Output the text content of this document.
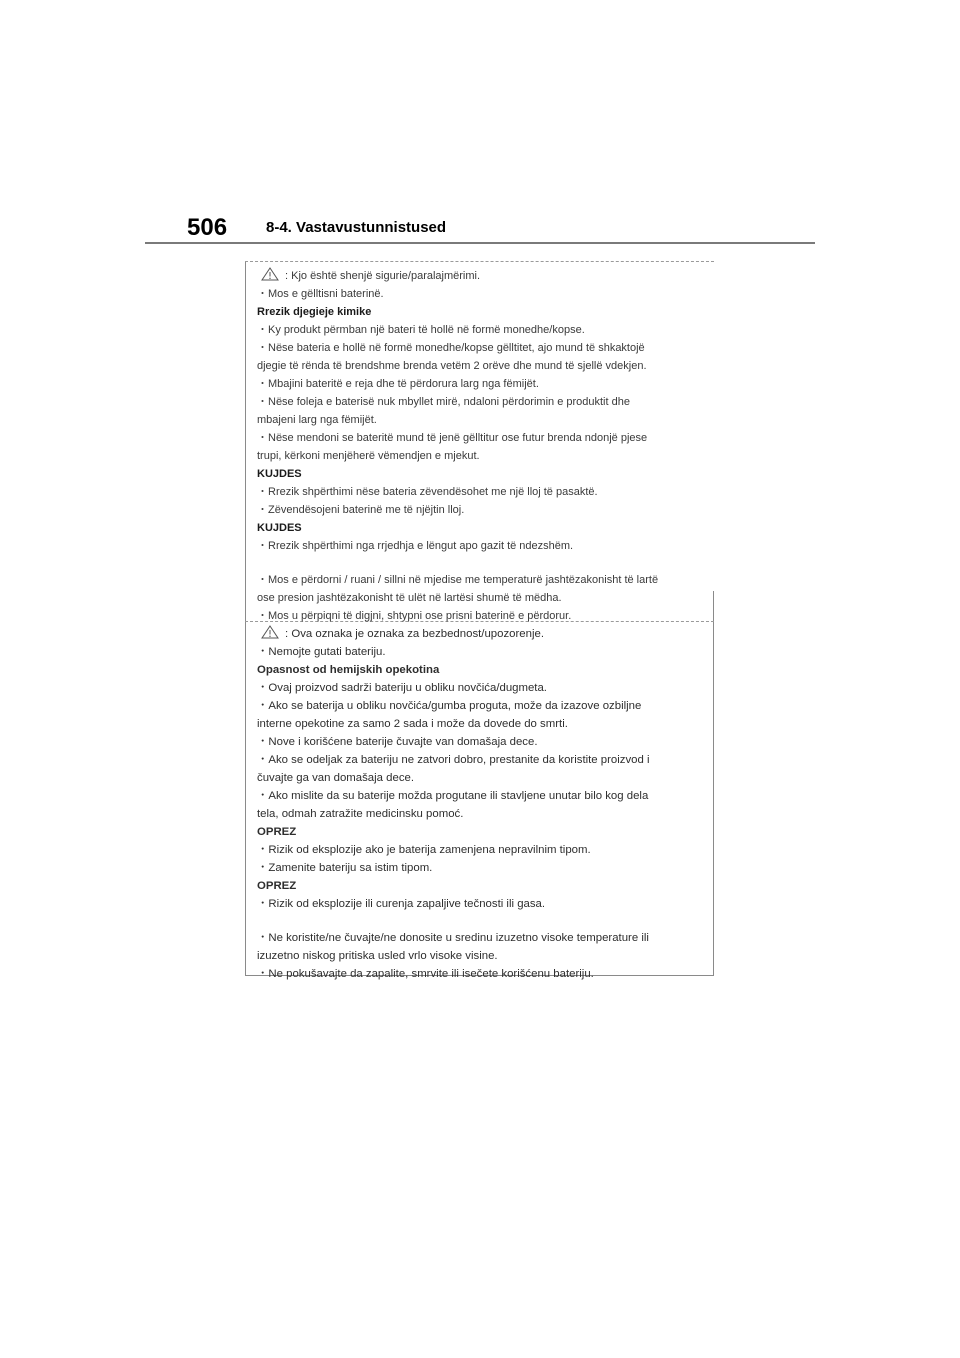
506	8-4. Vastavustunnistused
: Kjo është shenjë sigurie/paralajmërimi.
・Mos e gëlltisni baterinë.
Rrezik djegieje kimike
・Ky produkt përmban një bateri të hollë në formë monedhe/kopse.
・Nëse bateria e hollë në formë monedhe/kopse gëlltitet, ajo mund të shkaktojë
djegie të rënda të brendshme brenda vetëm 2 orëve dhe mund të sjellë vdekjen.
・Mbajini bateritë e reja dhe të përdorura larg nga fëmijët.
・Nëse foleja e baterisë nuk mbyllet mirë, ndaloni përdorimin e produktit dhe
mbajeni larg nga fëmijët.
・Nëse mendoni se bateritë mund të jenë gëlltitur ose futur brenda ndonjë pjese
trupi, kërkoni menjëherë vëmendjen e mjekut.
KUJDES
・Rrezik shpërthimi nëse bateria zëvendësohet me një lloj të pasaktë.
・Zëvendësojeni baterinë me të njëjtin lloj.
KUJDES
・Rrezik shpërthimi nga rrjedhja e lëngut apo gazit të ndezshëm.
・Mos e përdorni / ruani / sillni në mjedise me temperaturë jashtëzakonisht të lartë
ose presion jashtëzakonisht të ulët në lartësi shumë të mëdha.
・Mos u përpiqni të digjni, shtypni ose prisni baterinë e përdorur.
: Ova oznaka je oznaka za bezbednost/upozorenje.
・Nemojte gutati bateriju.
Opasnost od hemijskih opekotina
・Ovaj proizvod sadrži bateriju u obliku novčića/dugmeta.
・Ako se baterija u obliku novčića/gumba proguta, može da izazove ozbiljne
interne opekotine za samo 2 sada i može da dovede do smrti.
・Nove i korišćene baterije čuvajte van domašaja dece.
・Ako se odeljak za bateriju ne zatvori dobro, prestanite da koristite proizvod i
čuvajte ga van domašaja dece.
・Ako mislite da su baterije možda progutane ili stavljene unutar bilo kog dela
tela, odmah zatražite medicinsku pomoć.
OPREZ
・Rizik od eksplozije ako je baterija zamenjena nepravilnim tipom.
・Zamenite bateriju sa istim tipom.
OPREZ
・Rizik od eksplozije ili curenja zapaljive tečnosti ili gasa.
・Ne koristite/ne čuvajte/ne donosite u sredinu izuzetno visoke temperature ili
izuzetno niskog pritiska usled vrlo visoke visine.
・Ne pokušavajte da zapalite, smrvite ili isečete korišćenu bateriju.
